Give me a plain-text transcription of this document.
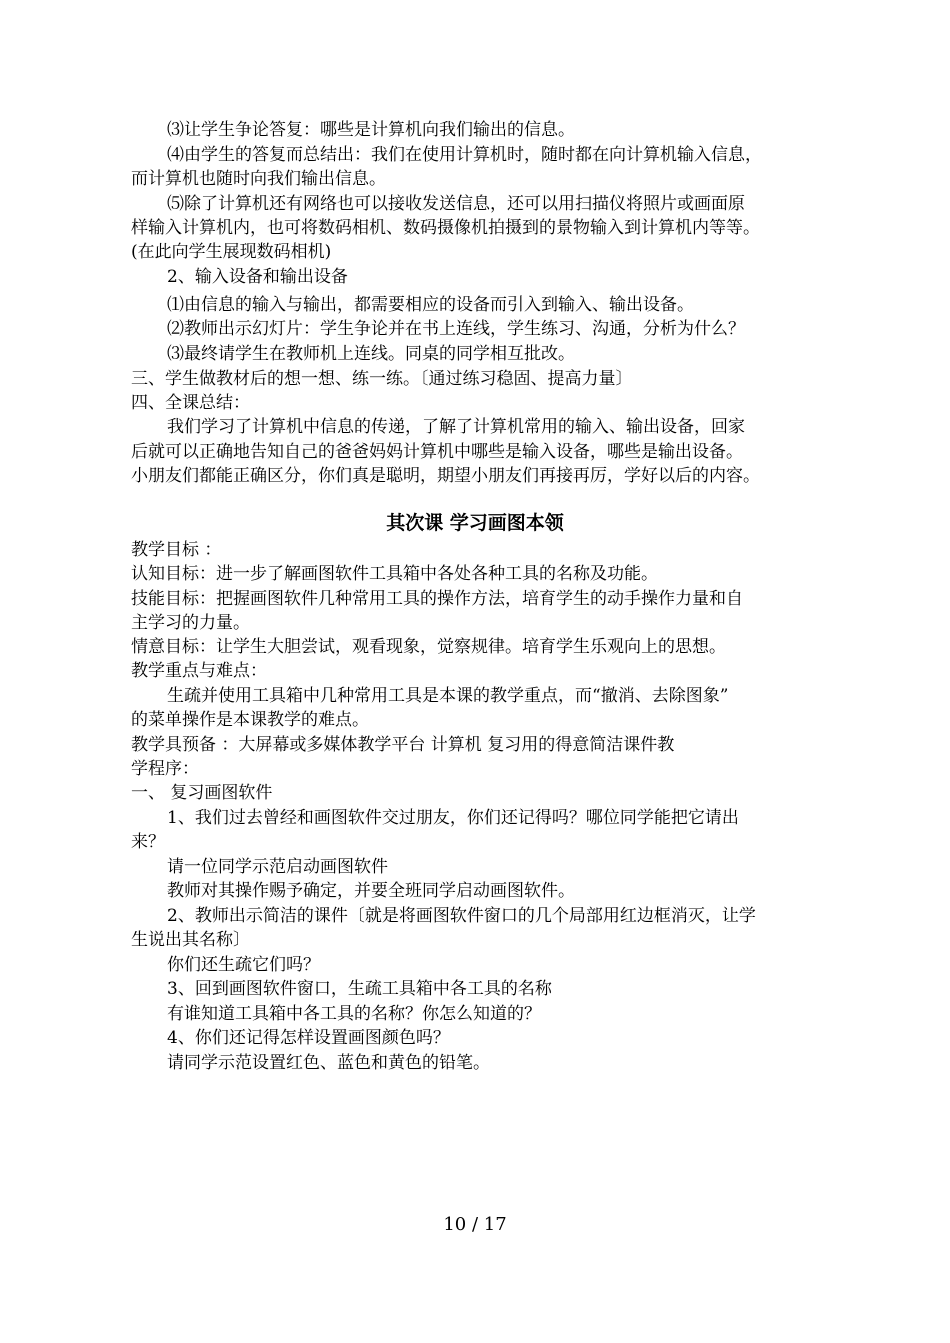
⑶让学生争论答复：哪些是计算机向我们输出的信息。

⑷由学生的答复而总结出：我们在使用计算机时，随时都在向计算机输入信息，

而计算机也随时向我们输出信息。

⑸除了计算机还有网络也可以接收发送信息，还可以用扫描仪将照片或画面原

样输入计算机内，也可将数码相机、数码摄像机拍摄到的景物输入到计算机内等等。

(在此向学生展现数码相机)

2、输入设备和输出设备

⑴由信息的输入与输出，都需要相应的设备而引入到输入、输出设备。

⑵教师出示幻灯片：学生争论并在书上连线，学生练习、沟通，分析为什么？

⑶最终请学生在教师机上连线。同桌的同学相互批改。

三、学生做教材后的想一想、练一练。〔通过练习稳固、提高力量〕

四、全课总结：

我们学习了计算机中信息的传递，了解了计算机常用的输入、输出设备，回家

后就可以正确地告知自己的爸爸妈妈计算机中哪些是输入设备，哪些是输出设备。

小朋友们都能正确区分，你们真是聪明，期望小朋友们再接再厉，学好以后的内容。

其次课 学习画图本领

教学目标 ：

认知目标：进一步了解画图软件工具箱中各处各种工具的名称及功能。

技能目标：把握画图软件几种常用工具的操作方法，培育学生的动手操作力量和自

主学习的力量。

情意目标：让学生大胆尝试，观看现象，觉察规律。培育学生乐观向上的思想。

教学重点与难点：

生疏并使用工具箱中几种常用工具是本课的教学重点，而“撤消、去除图象”

的菜单操作是本课教学的难点。

教学具预备 ：大屏幕或多媒体教学平台 计算机 复习用的得意简洁课件教

学程序：

一、 复习画图软件

1、我们过去曾经和画图软件交过朋友，你们还记得吗？哪位同学能把它请出

来？

请一位同学示范启动画图软件

教师对其操作赐予确定，并要全班同学启动画图软件。

2、教师出示简洁的课件〔就是将画图软件窗口的几个局部用红边框消灭，让学

生说出其名称〕

你们还生疏它们吗？

3、回到画图软件窗口，生疏工具箱中各工具的名称

有谁知道工具箱中各工具的名称？你怎么知道的？

4、你们还记得怎样设置画图颜色吗？

请同学示范设置红色、蓝色和黄色的铅笔。

10 / 17
